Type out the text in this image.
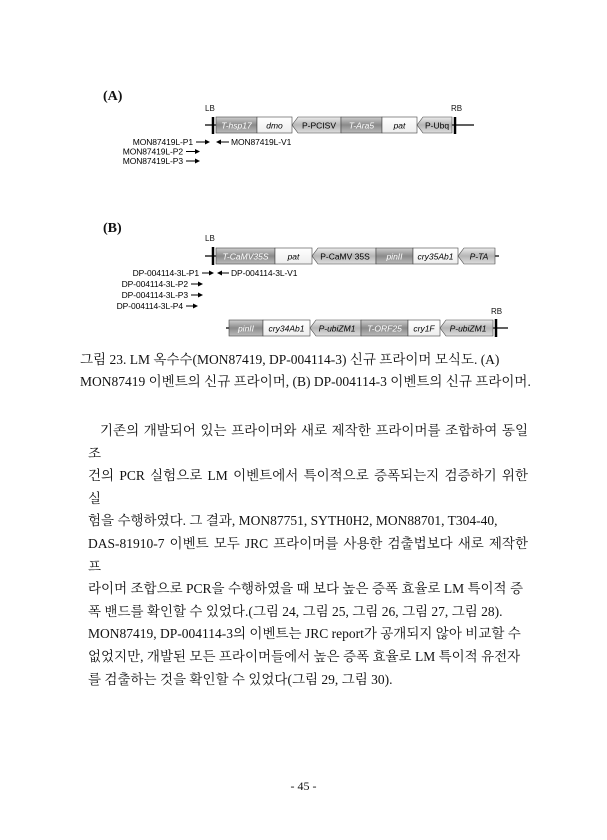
(A)
(B)
T-hsp17 dmo P-PCISV T-Ara5 pat P-Ubq
MON87419L-P1
MON87419L-P2
MON87419L-P3
MON87419L-V1
T-CaMV35S pat P-CaMV 35S pinII cry35Ab1 P-TA
DP-004114-3L-P1
DP-004114-3L-P2
DP-004114-3L-P3
DP-004114-3L-P4
DP-004114-3L-V1
pinII cry34Ab1 P-ubiZM1 T-ORF25 cry1F P-ubiZM1
LB	RB
LB
RB
그림 23. LM 옥수수(MON87419, DP-004114-3) 신규 프라이머 모식도. (A)
MON87419 이벤트의 신규 프라이머, (B) DP-004114-3 이벤트의 신규 프라이머.
기존의 개발되어 있는 프라이머와 새로 제작한 프라이머를 조합하여 동일조
건의 PCR 실험으로 LM 이벤트에서 특이적으로 증폭되는지 검증하기 위한 실
험을 수행하였다. 그 결과, MON87751, SYTH0H2, MON88701, T304-40,
DAS-81910-7 이벤트 모두 JRC 프라이머를 사용한 검출법보다 새로 제작한 프
라이머 조합으로 PCR을 수행하였을 때 보다 높은 증폭 효율로 LM 특이적 증
폭 밴드를 확인할 수 있었다.(그림 24, 그림 25, 그림 26, 그림 27, 그림 28).
MON87419, DP-004114-3의 이벤트는 JRC report가 공개되지 않아 비교할 수
없었지만, 개발된 모든 프라이머들에서 높은 증폭 효율로 LM 특이적 유전자
를 검출하는 것을 확인할 수 있었다(그림 29, 그림 30).
- 45 -
